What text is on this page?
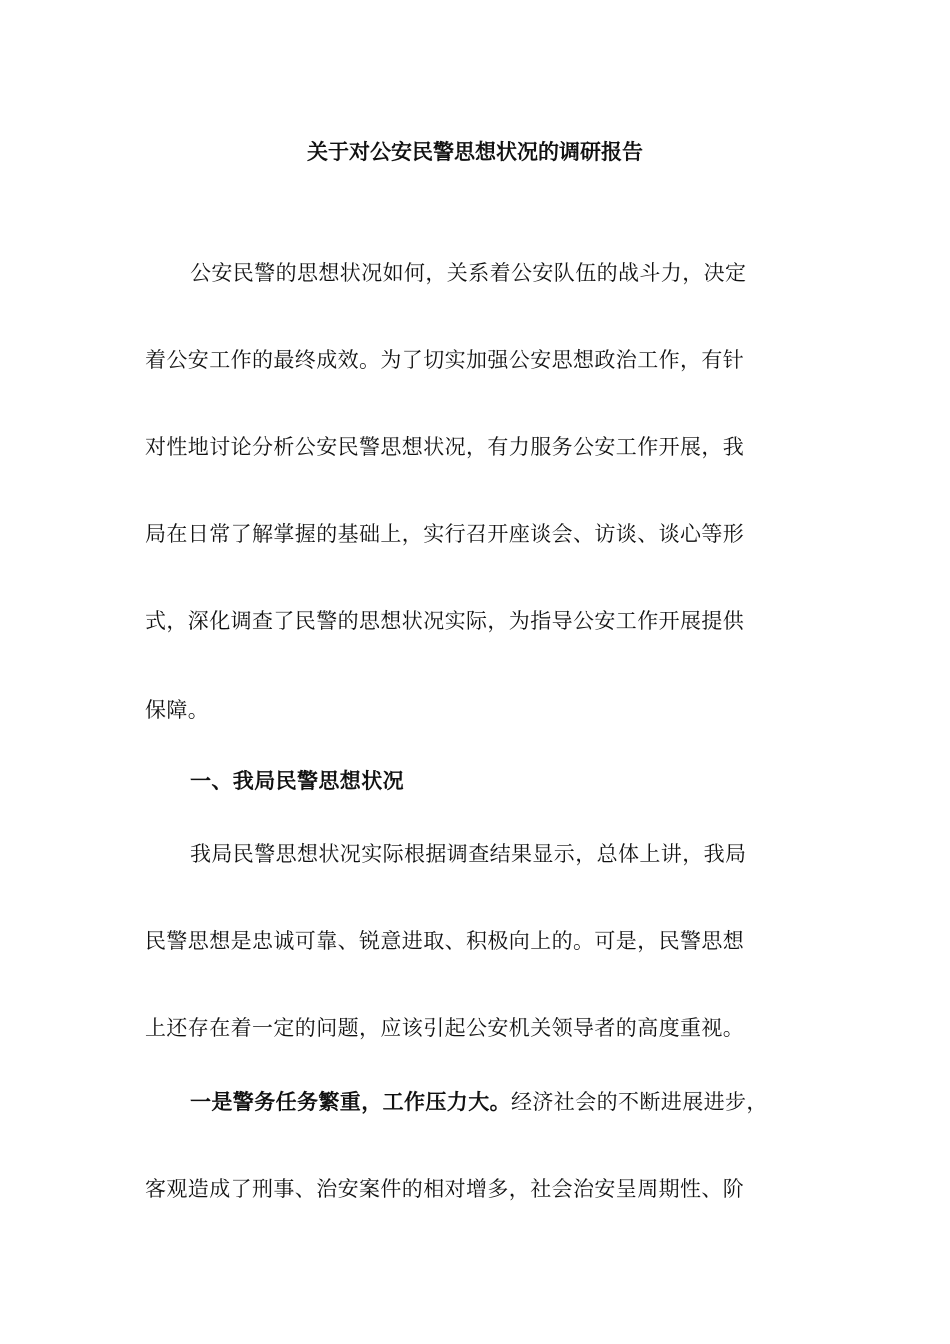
关于对公安民警思想状况的调研报告
公安民警的思想状况如何，关系着公安队伍的战斗力，决定
着公安工作的最终成效。为了切实加强公安思想政治工作，有针
对性地讨论分析公安民警思想状况，有力服务公安工作开展，我
局在日常了解掌握的基础上，实行召开座谈会、访谈、谈心等形
式，深化调查了民警的思想状况实际，为指导公安工作开展提供
保障。
一、我局民警思想状况
我局民警思想状况实际根据调查结果显示，总体上讲，我局
民警思想是忠诚可靠、锐意进取、积极向上的。可是，民警思想
上还存在着一定的问题，应该引起公安机关领导者的高度重视。
一是警务任务繁重，工作压力大。经济社会的不断进展进步，
客观造成了刑事、治安案件的相对增多，社会治安呈周期性、阶
